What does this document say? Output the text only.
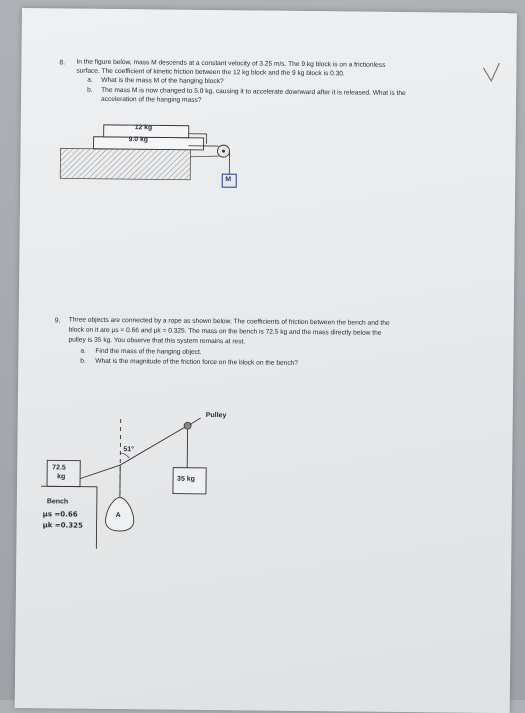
8. In the figure below, mass M descends at a constant velocity of 3.25 m/s. The 9 kg block is on a frictionless
surface. The coefficient of kinetic friction between the 12 kg block and the 9 kg block is 0.30.
a. What is the mass M of the hanging block?
b. The mass M is now changed to 5.0 kg, causing it to accelerate downward after it is released. What is the
acceleration of the hanging mass?
12 kg
9.0 kg
M
9. Three objects are connected by a rope as shown below. The coefficients of friction between the bench and the
block on it are μs = 0.66 and μk = 0.325. The mass on the bench is 72.5 kg and the mass directly below the
pulley is 35 kg. You observe that this system remains at rest.
a. Find the mass of the hanging object.
b. What is the magnitude of the friction force on the block on the bench?
Pulley
51°
72.5
kg	35 kg
A
Bench
μs =0.66
μk =0.325
